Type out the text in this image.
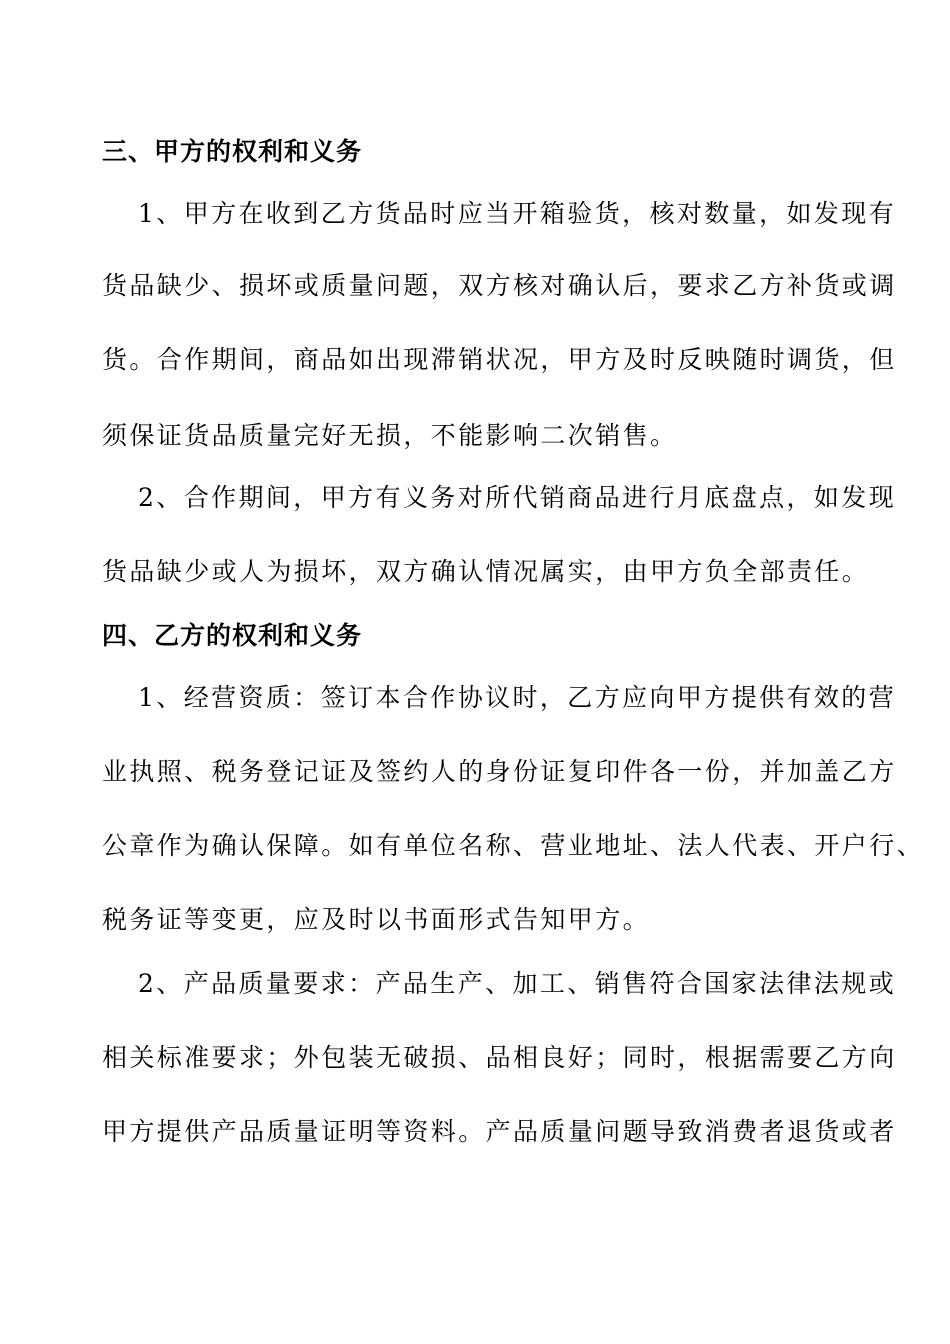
三、甲方的权利和义务
1、甲方在收到乙方货品时应当开箱验货，核对数量，如发现有
货品缺少、损坏或质量问题，双方核对确认后，要求乙方补货或调
货。合作期间，商品如出现滞销状况，甲方及时反映随时调货，但
须保证货品质量完好无损，不能影响二次销售。
2、合作期间，甲方有义务对所代销商品进行月底盘点，如发现
货品缺少或人为损坏，双方确认情况属实，由甲方负全部责任。
四、乙方的权利和义务
1、经营资质：签订本合作协议时，乙方应向甲方提供有效的营
业执照、税务登记证及签约人的身份证复印件各一份，并加盖乙方
公章作为确认保障。如有单位名称、营业地址、法人代表、开户行、
税务证等变更，应及时以书面形式告知甲方。
2、产品质量要求：产品生产、加工、销售符合国家法律法规或
相关标准要求；外包装无破损、品相良好；同时，根据需要乙方向
甲方提供产品质量证明等资料。产品质量问题导致消费者退货或者
